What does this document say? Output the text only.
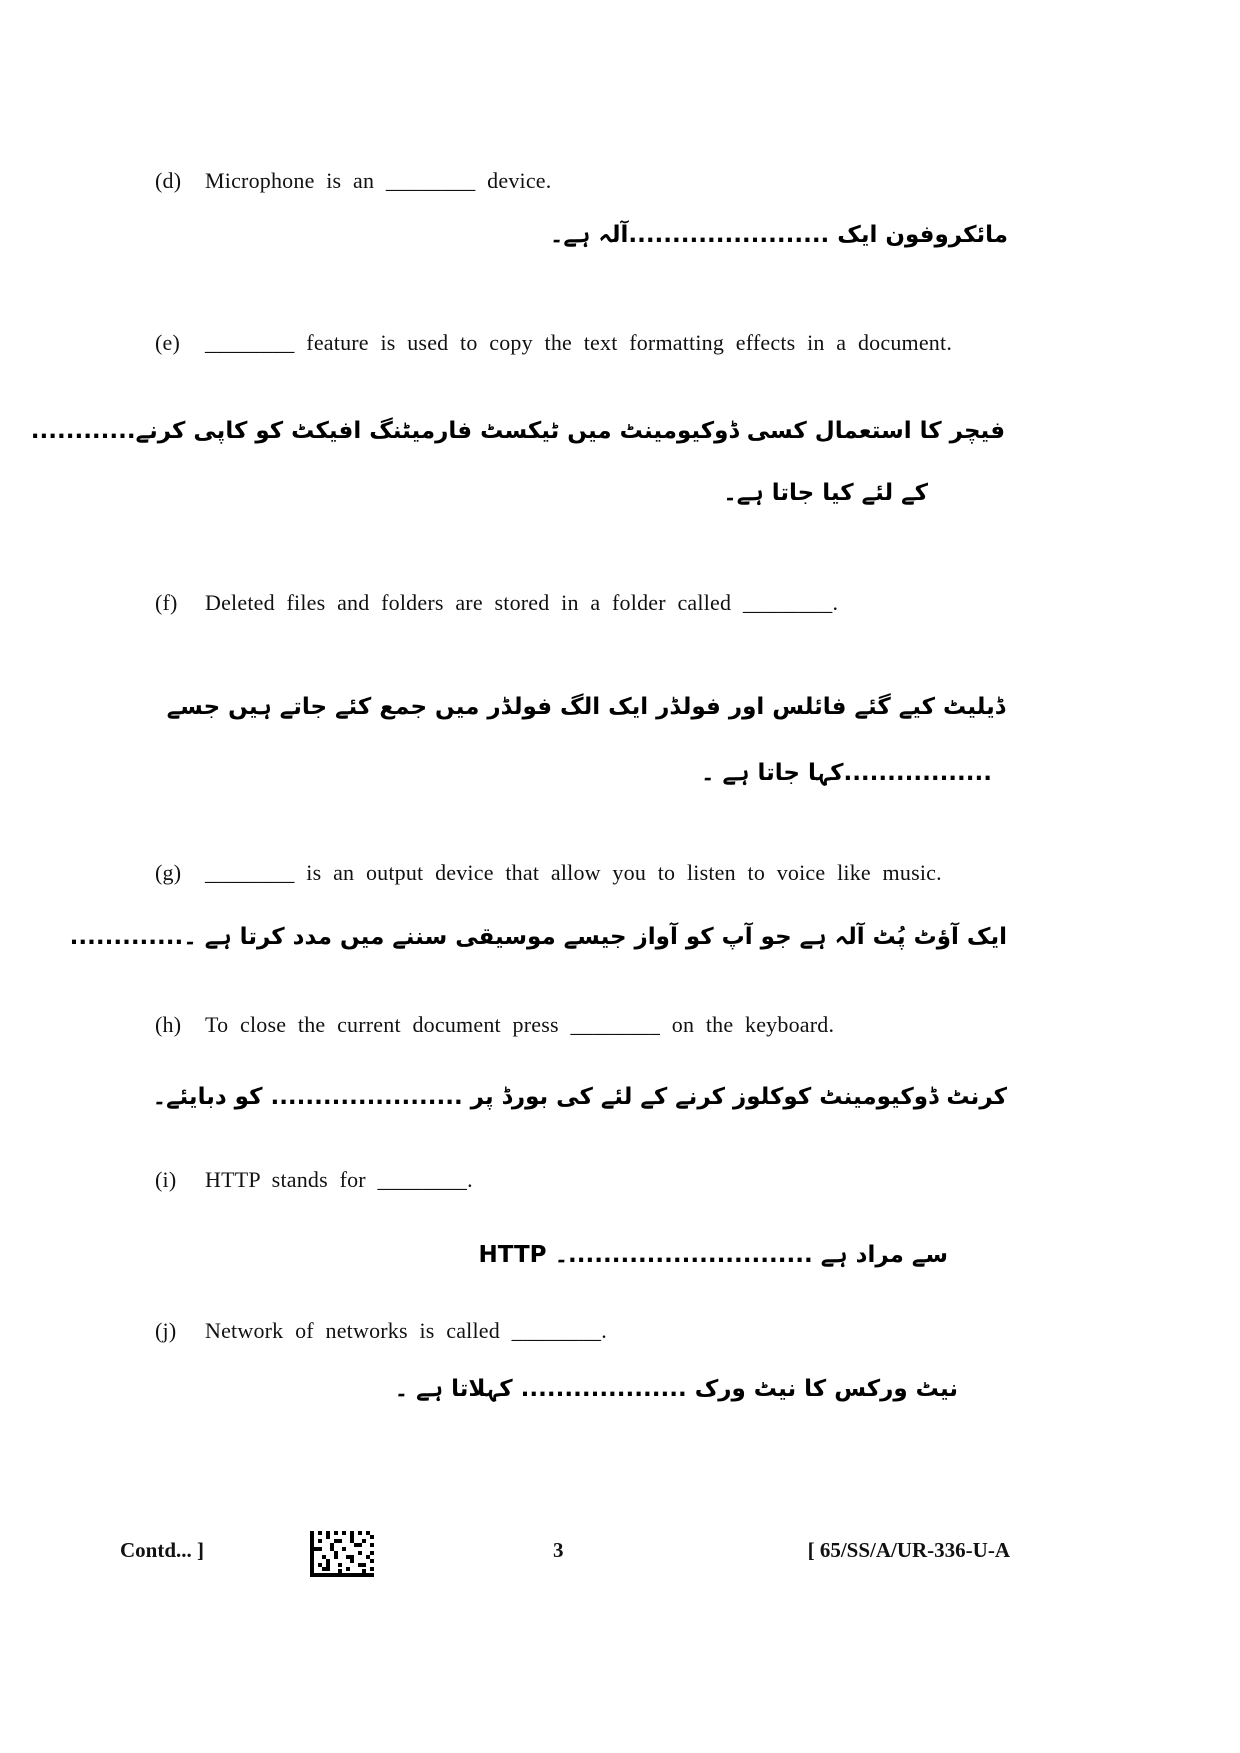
(d) Microphone is an ________ device.
مائکروفون ایک .......................آلہ ہے۔
(e) ________ feature is used to copy the text formatting effects in a document.
فیچر کا استعمال کسی ڈوکیومینٹ میں ٹیکسٹ فارمیٹنگ افیکٹ کو کاپی کرنے............
کے لئے کیا جاتا ہے۔
(f) Deleted files and folders are stored in a folder called ________.
ڈیلیٹ کیے گئے فائلس اور فولڈر ایک الگ فولڈر میں جمع کئے جاتے ہیں جسے
.................کہا جاتا ہے ۔
(g) ________ is an output device that allow you to listen to voice like music.
ایک آؤٹ پُٹ آلہ ہے جو آپ کو آواز جیسے موسیقی سننے میں مدد کرتا ہے ۔.............
(h) To close the current document press ________ on the keyboard.
کرنٹ ڈوکیومینٹ کوکلوز کرنے کے لئے کی بورڈ پر ...................... کو دبایئے۔
(i) HTTP stands for ________.
HTTP سے مراد ہے ............................۔
(j) Network of networks is called ________.
نیٹ ورکس کا نیٹ ورک ................... کہلاتا ہے ۔
Contd... ]	3	[ 65/SS/A/UR-336-U-A
